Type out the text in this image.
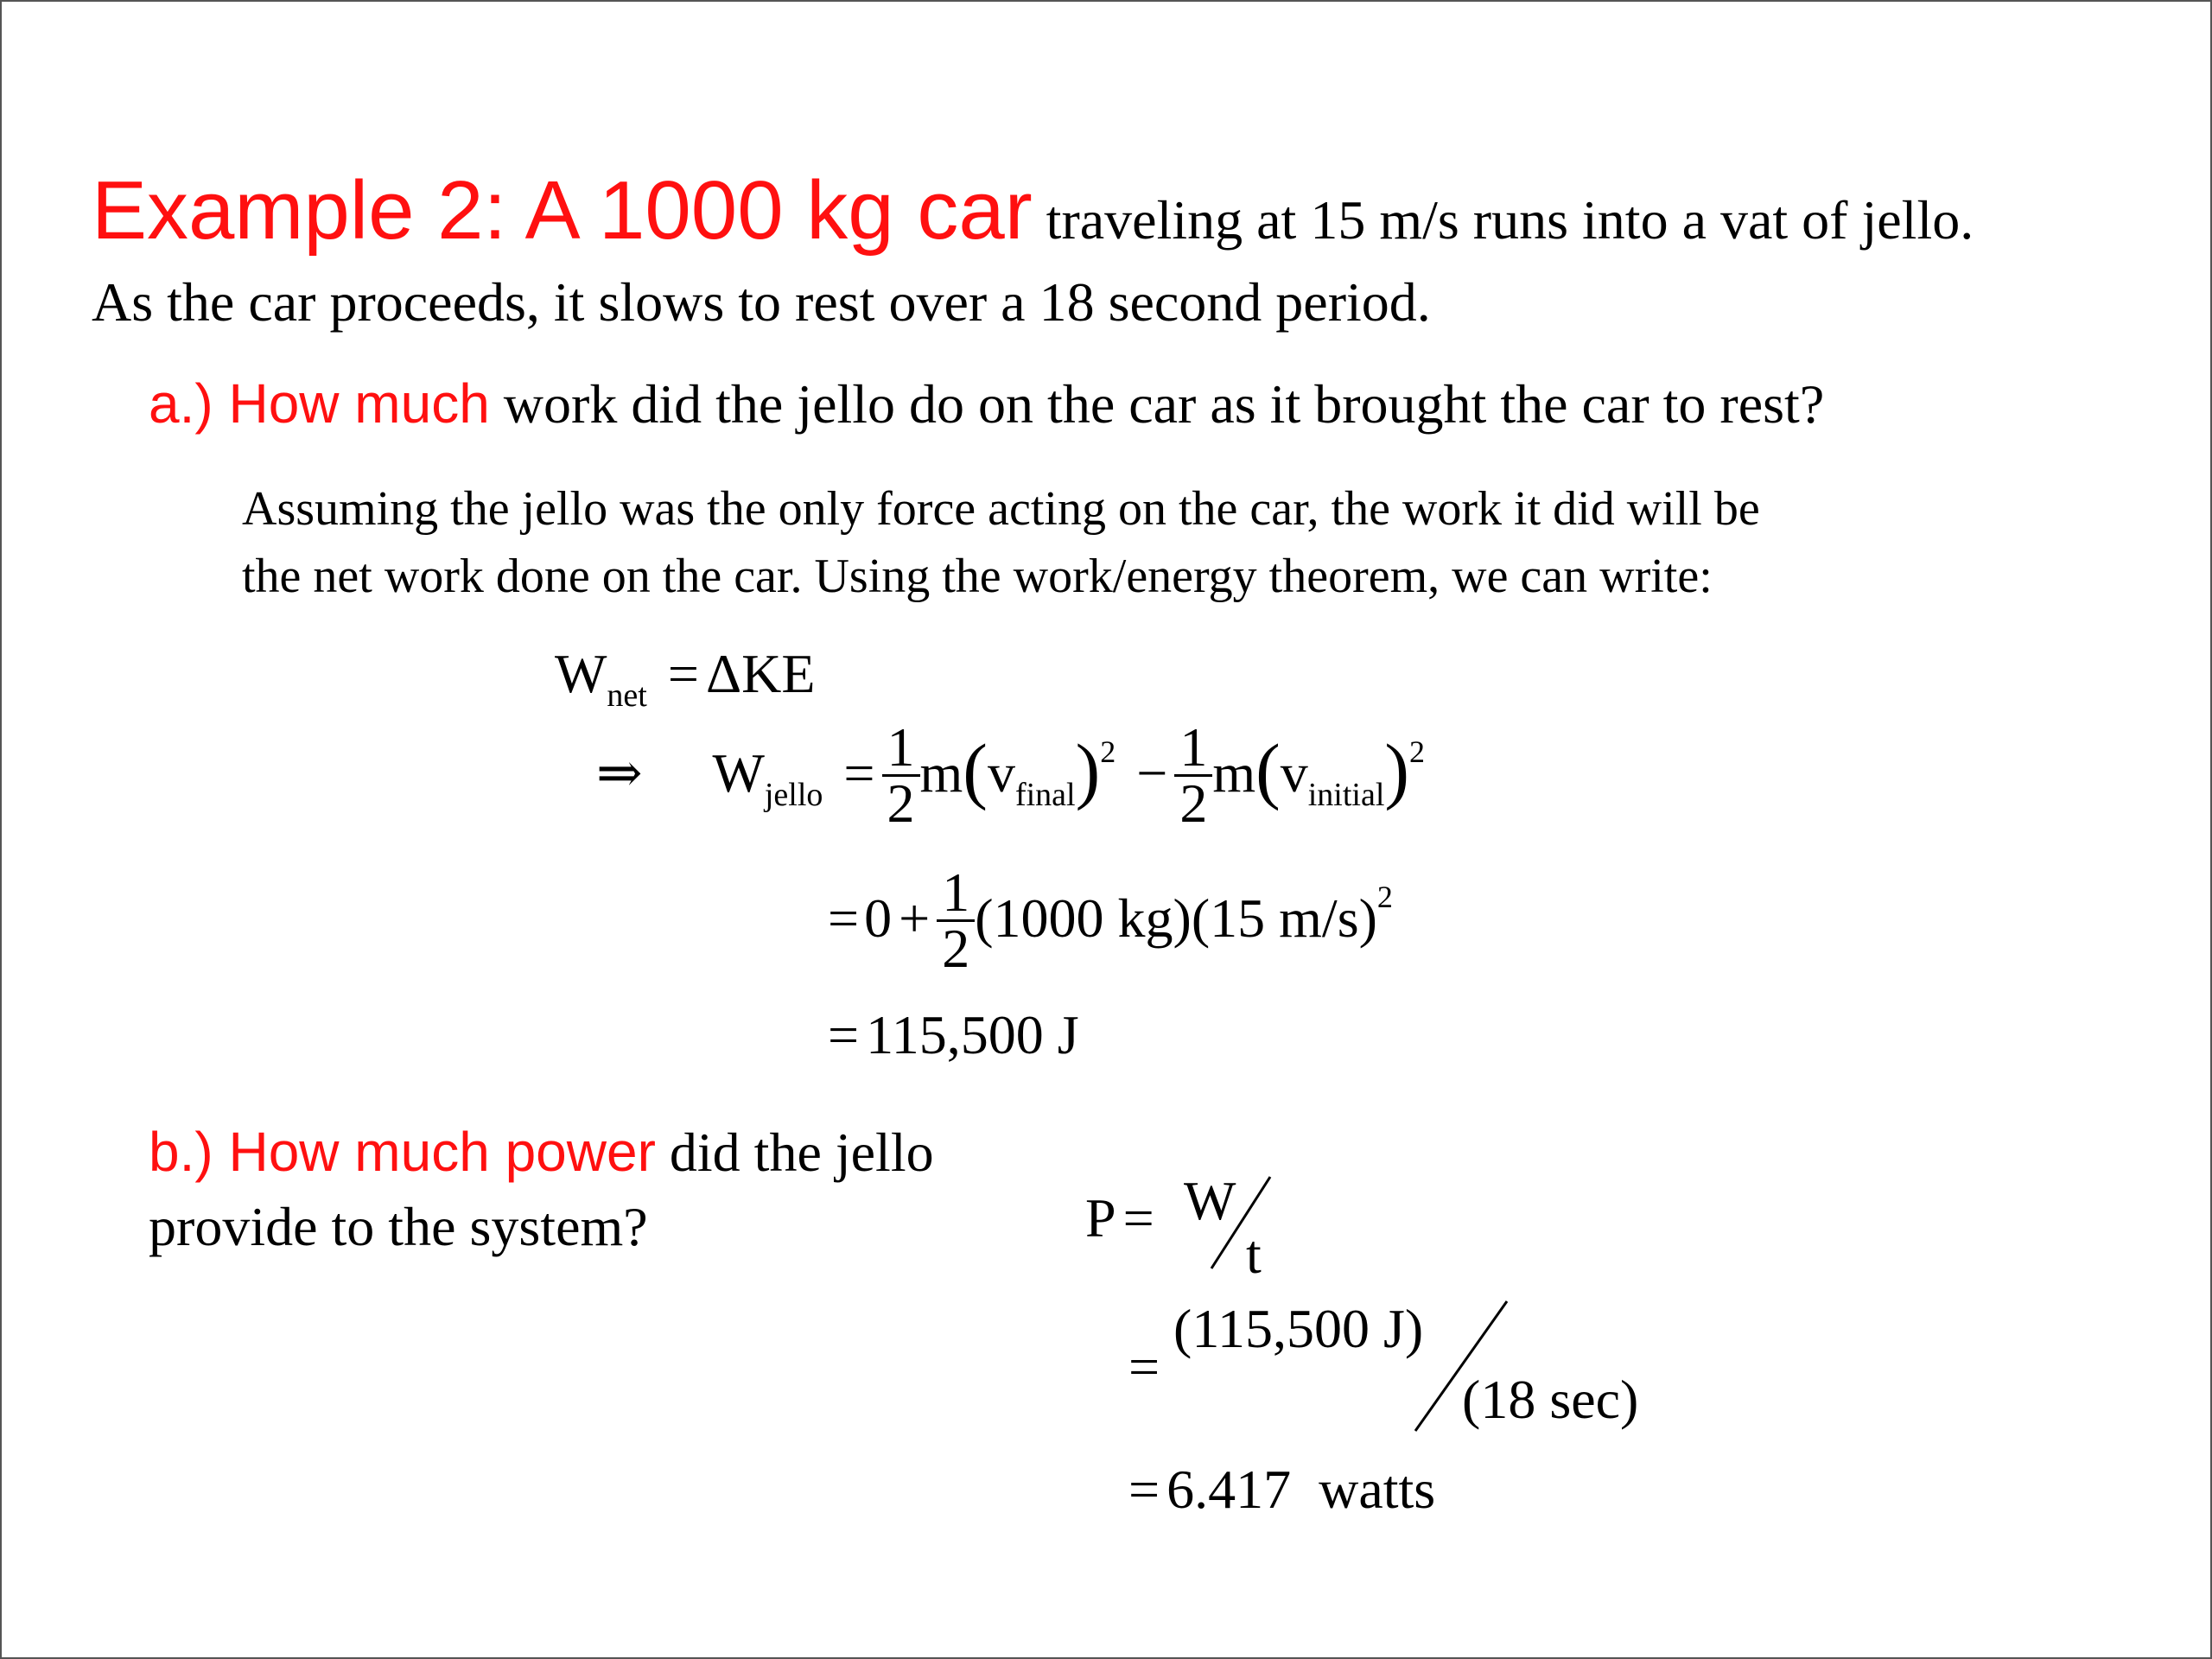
Example 2: A 1000 kg car traveling at 15 m/s runs into a vat of jello.
As the car proceeds, it slows to rest over a 18 second period.
a.) How much work did the jello do on the car as it brought the car to rest?
Assuming the jello was the only force acting on the car, the work it did will be
the net work done on the car. Using the work/energy theorem, we can write:
$W_{net} = \Delta KE$
⇒ $W_{jello} = \frac{1}{2} m(v_{final})^2 - \frac{1}{2} m(v_{initial})^2$
$=0 + \frac{1}{2} (1000$ kg)(15 m/s)$^2$
= 115,500 J
b.) How much power did the jello
provide to the system?	P = W
t
=
(115,500 J)
(18 sec)
= 6.417  watts
